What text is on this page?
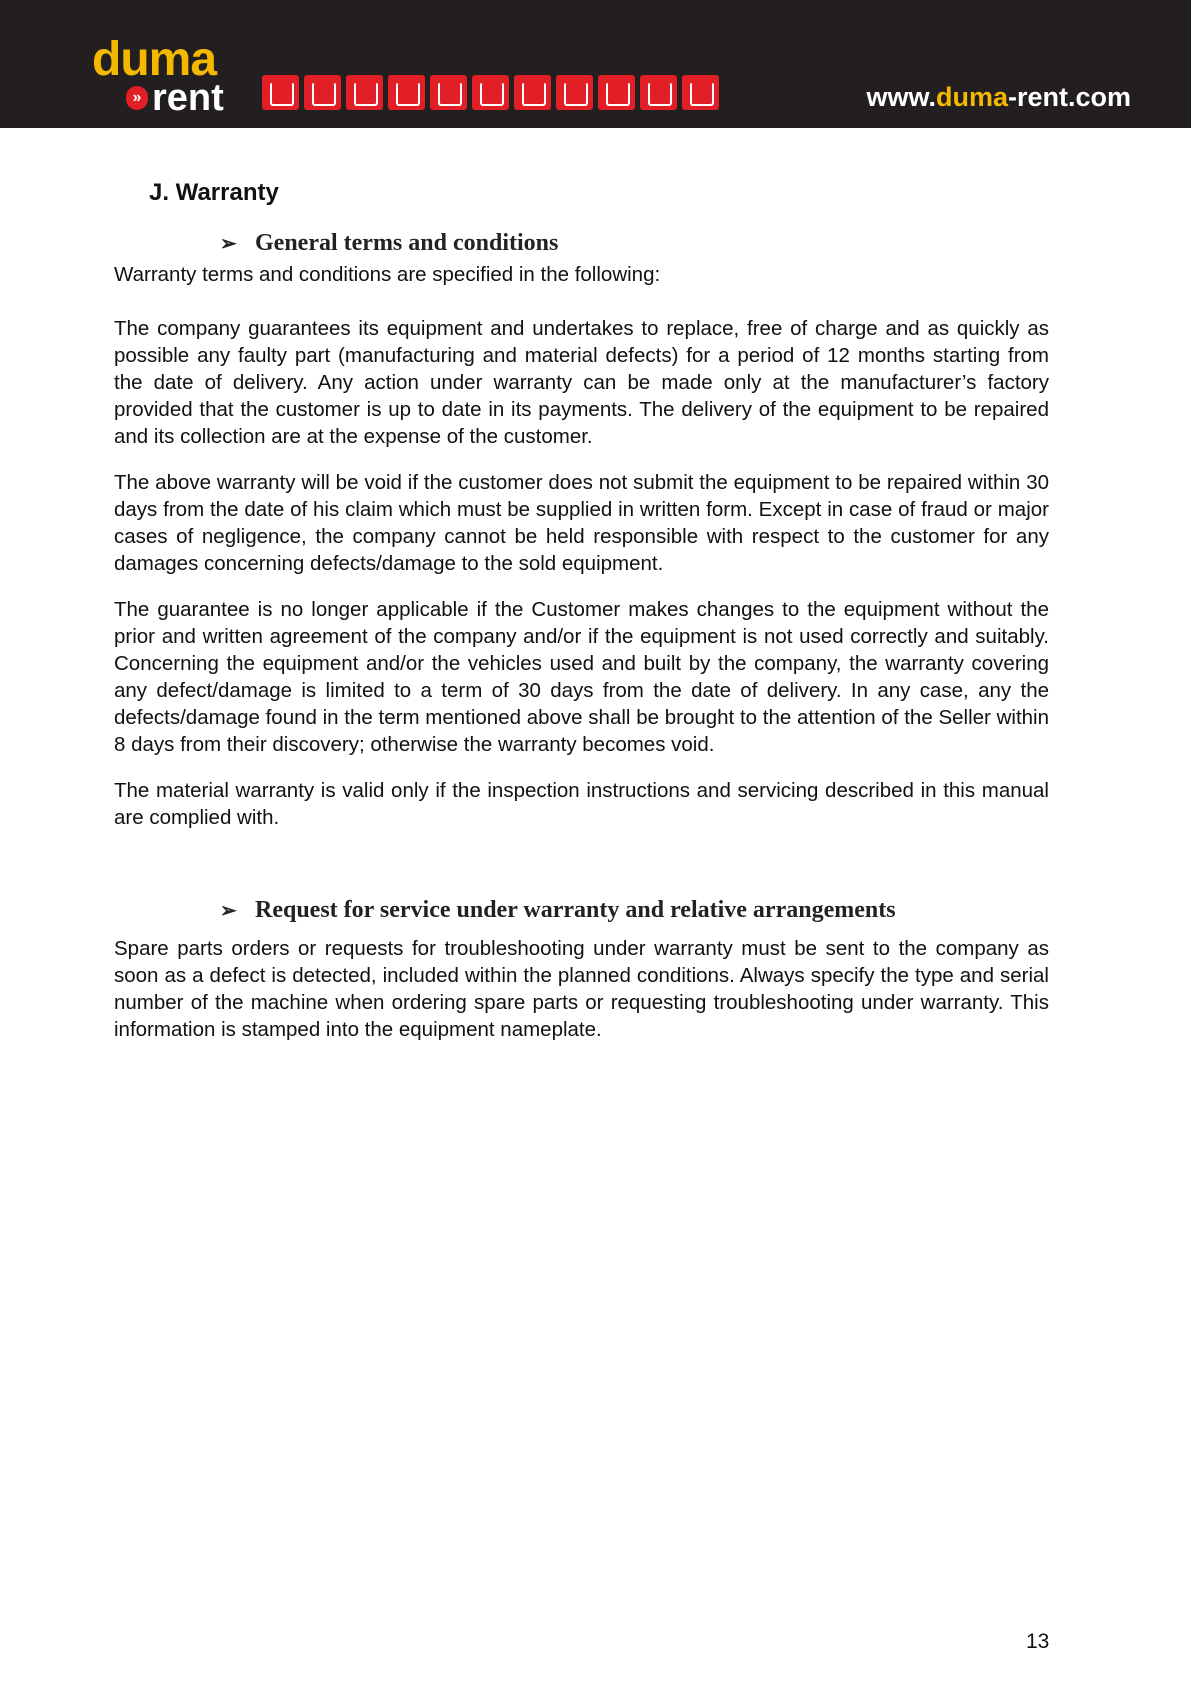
duma
» rent	www.duma-rent.com
J. Warranty
➢ General terms and conditions
Warranty terms and conditions are specified in the following:
The company guarantees its equipment and undertakes to replace, free of charge and as quickly as possible any faulty part (manufacturing and material defects) for a period of 12 months starting from the date of delivery. Any action under warranty can be made only at the manufacturer’s factory provided that the customer is up to date in its payments. The delivery of the equipment to be repaired and its collection are at the expense of the customer.
The above warranty will be void if the customer does not submit the equipment to be repaired within 30 days from the date of his claim which must be supplied in written form. Except in case of fraud or major cases of negligence, the company cannot be held responsible with respect to the customer for any damages concerning defects/damage to the sold equipment.
The guarantee is no longer applicable if the Customer makes changes to the equipment without the prior and written agreement of the company and/or if the equipment is not used correctly and suitably. Concerning the equipment and/or the vehicles used and built by the company, the warranty covering any defect/damage is limited to a term of 30 days from the date of delivery. In any case, any the defects/damage found in the term mentioned above shall be brought to the attention of the Seller within 8 days from their discovery; otherwise the warranty becomes void.
The material warranty is valid only if the inspection instructions and servicing described in this manual are complied with.
➢ Request for service under warranty and relative arrangements
Spare parts orders or requests for troubleshooting under warranty must be sent to the company as soon as a defect is detected, included within the planned conditions. Always specify the type and serial number of the machine when ordering spare parts or requesting troubleshooting under warranty. This information is stamped into the equipment nameplate.
13
